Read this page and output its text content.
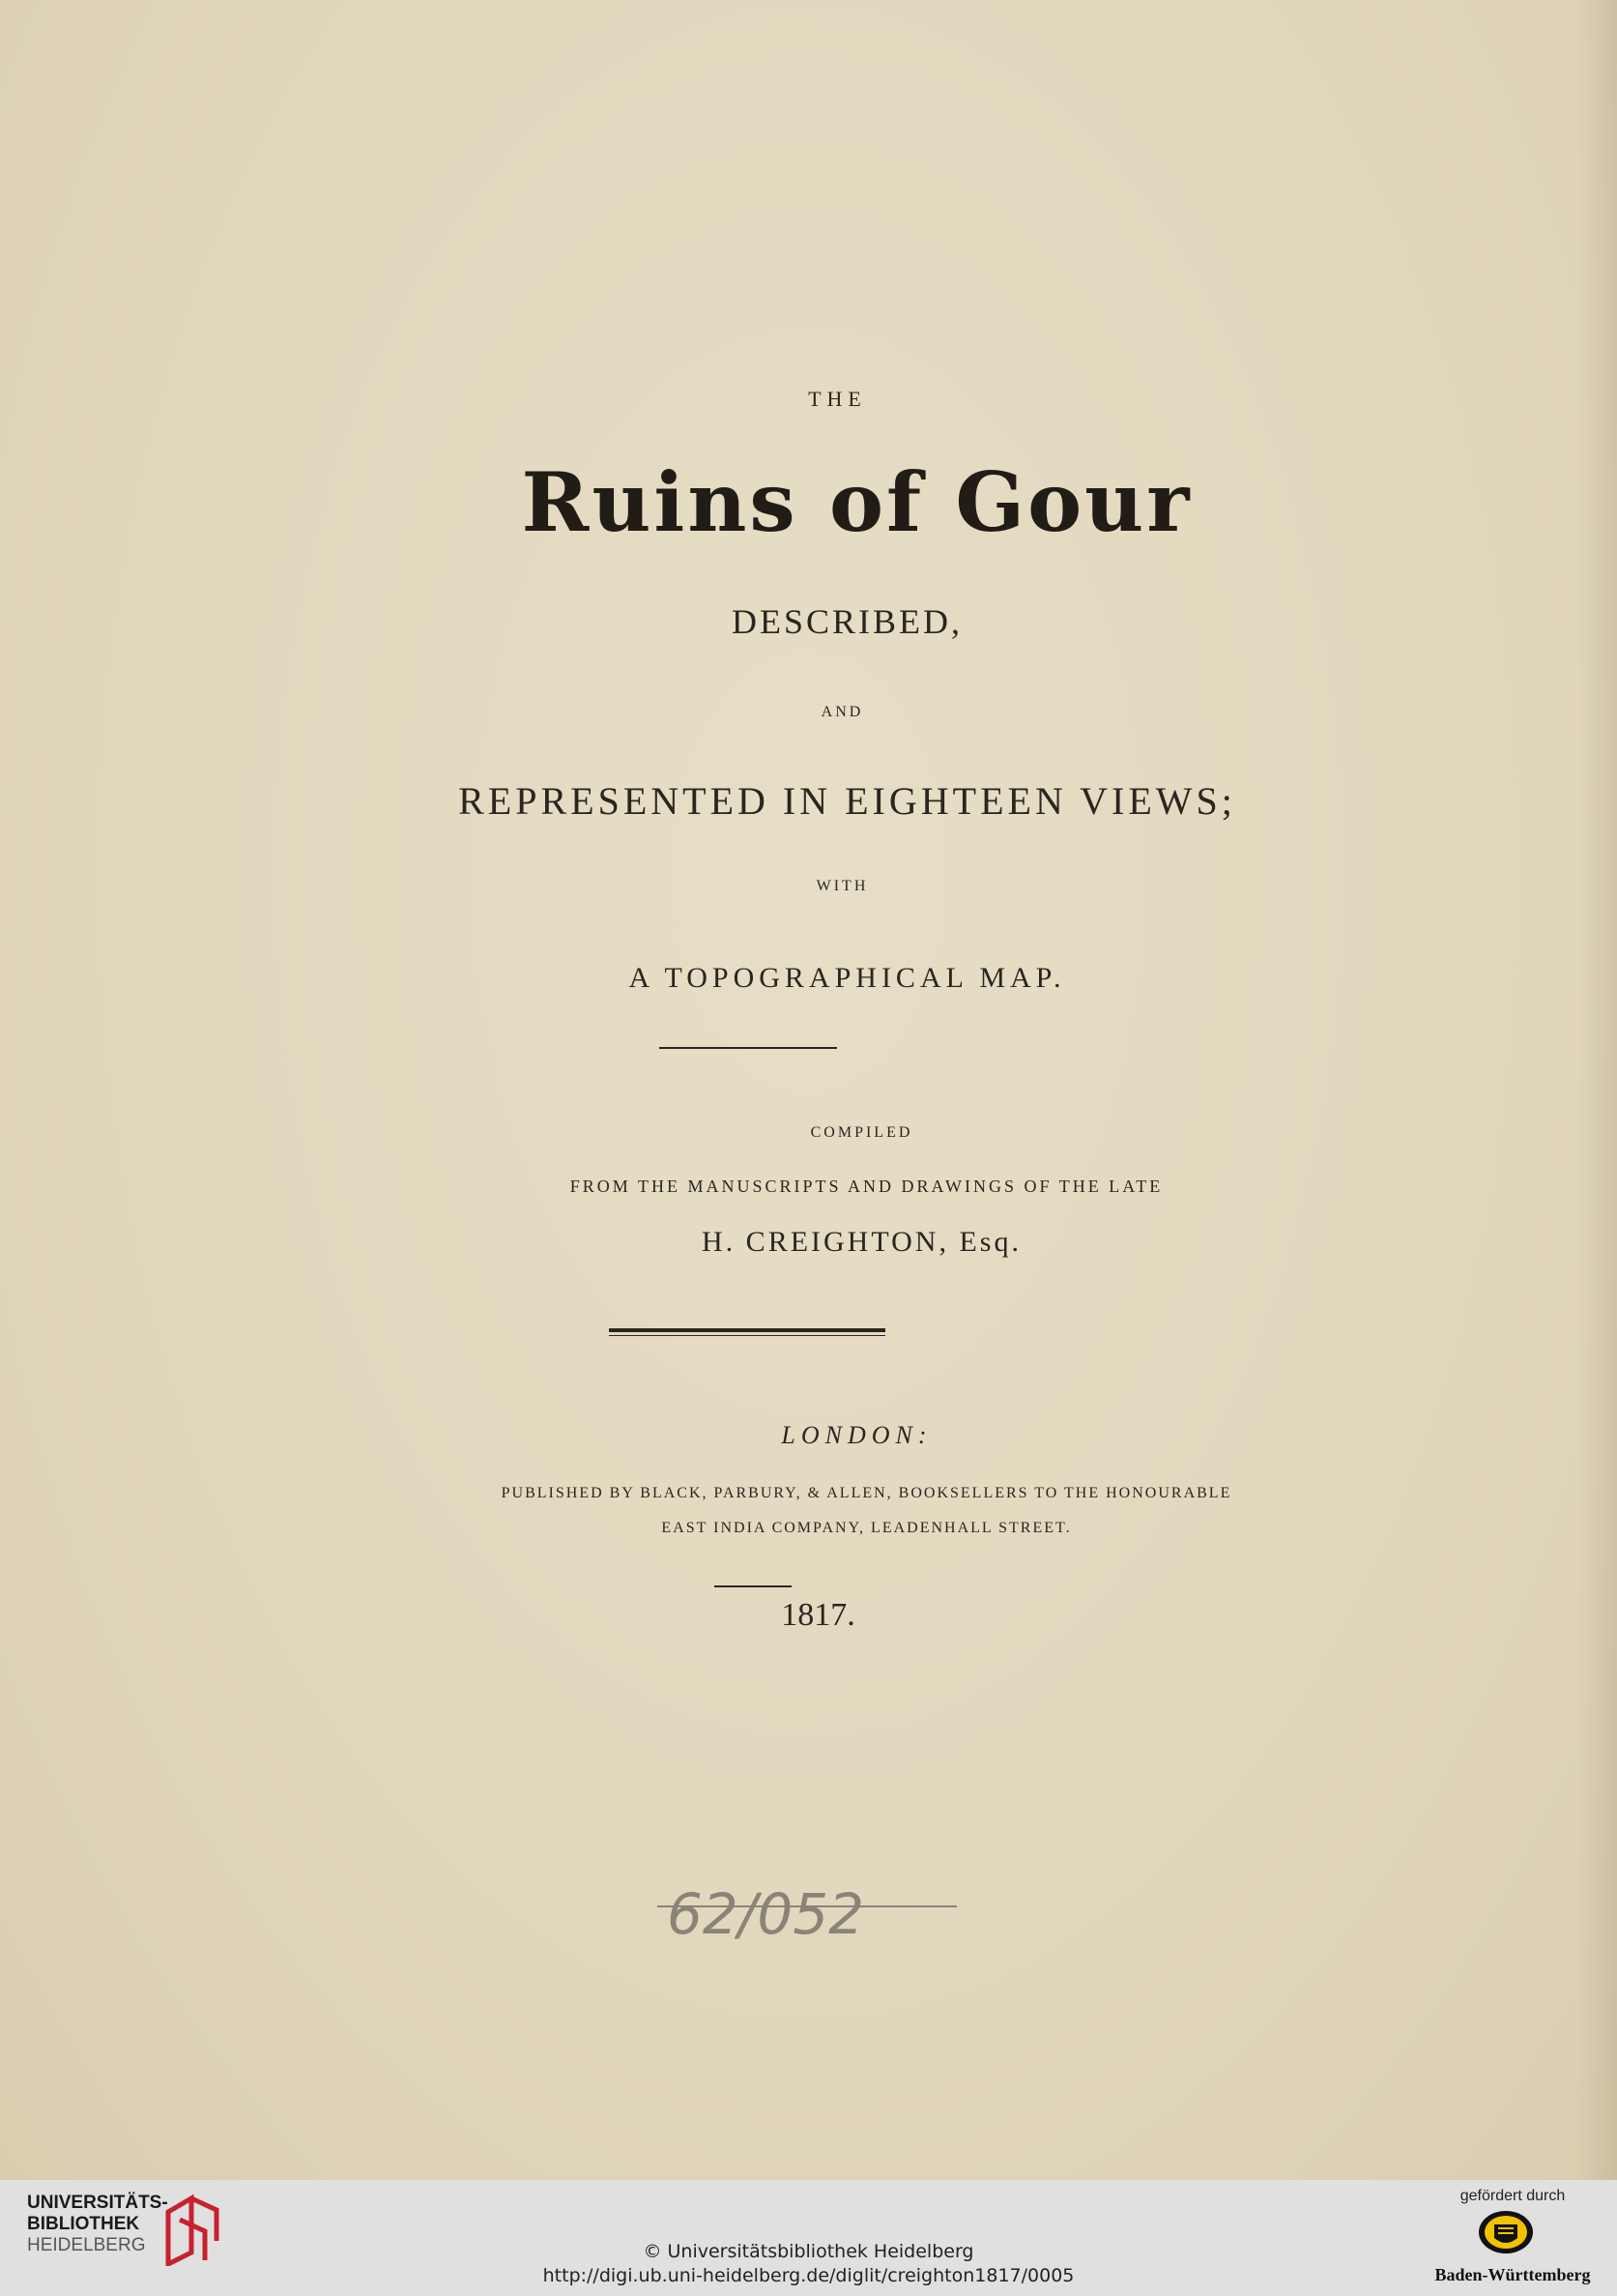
THE
Ruins of Gour
DESCRIBED,
AND
REPRESENTED IN EIGHTEEN VIEWS;
WITH
A TOPOGRAPHICAL MAP.
COMPILED
FROM THE MANUSCRIPTS AND DRAWINGS OF THE LATE
H. CREIGHTON, Esq.
LONDON:
PUBLISHED BY BLACK, PARBURY, & ALLEN, BOOKSELLERS TO THE HONOURABLE
EAST INDIA COMPANY, LEADENHALL STREET.
1817.
62/052
UNIVERSITÄTS-
BIBLIOTHEK
HEIDELBERG	© Universitätsbibliothek Heidelberg
http://digi.ub.uni-heidelberg.de/diglit/creighton1817/0005
gefördert durch
Baden-Württemberg
